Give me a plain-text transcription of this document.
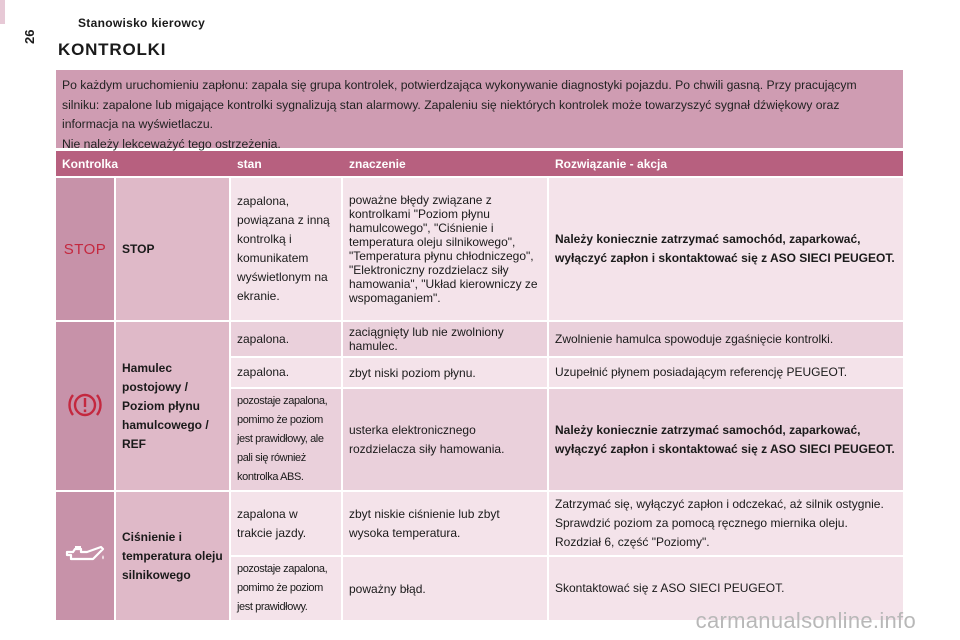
26
Stanowisko kierowcy
KONTROLKI

Po każdym uruchomieniu zapłonu: zapala się grupa kontrolek, potwierdzająca wykonywanie diagnostyki pojazdu. Po chwili gasną. Przy pracującym silniku: zapalone lub migające kontrolki sygnalizują stan alarmowy. Zapaleniu się niektórych kontrolek może towarzyszyć sygnał dźwiękowy oraz informacja na wyświetlaczu.

Nie należy lekceważyć tego ostrzeżenia.

Kontrolka		stan	znaczenie	Rozwiązanie - akcja
STOP	STOP	zapalona, powiązana z inną kontrolką i komunikatem wyświetlonym na ekranie.	poważne błędy związane z kontrolkami "Poziom płynu hamulcowego", "Ciśnienie i temperatura oleju silnikowego", "Temperatura płynu chłodniczego", "Elektroniczny rozdzielacz siły hamowania", "Układ kierowniczy ze wspomaganiem".	Należy koniecznie zatrzymać samochód, zaparkować, wyłączyć zapłon i skontaktować się z ASO SIECI PEUGEOT.
	Hamulec postojowy / Poziom płynu hamulcowego / REF	zapalona.	zaciągnięty lub nie zwolniony hamulec.	Zwolnienie hamulca spowoduje zgaśnięcie kontrolki.
		zapalona.	zbyt niski poziom płynu.	Uzupełnić płynem posiadającym referencję PEUGEOT.
		pozostaje zapalona, pomimo że poziom jest prawidłowy, ale pali się również kontrolka ABS.	usterka elektronicznego rozdzielacza siły hamowania.	Należy koniecznie zatrzymać samochód, zaparkować, wyłączyć zapłon i skontaktować się z ASO SIECI PEUGEOT.
	Ciśnienie i temperatura oleju silnikowego	zapalona w trakcie jazdy.	zbyt niskie ciśnienie lub zbyt wysoka temperatura.	Zatrzymać się, wyłączyć zapłon i odczekać, aż silnik ostygnie. Sprawdzić poziom za pomocą ręcznego miernika oleju. Rozdział 6, część "Poziomy".
		pozostaje zapalona, pomimo że poziom jest prawidłowy.	poważny błąd.	Skontaktować się z ASO SIECI PEUGEOT.
carmanualsonline.info
